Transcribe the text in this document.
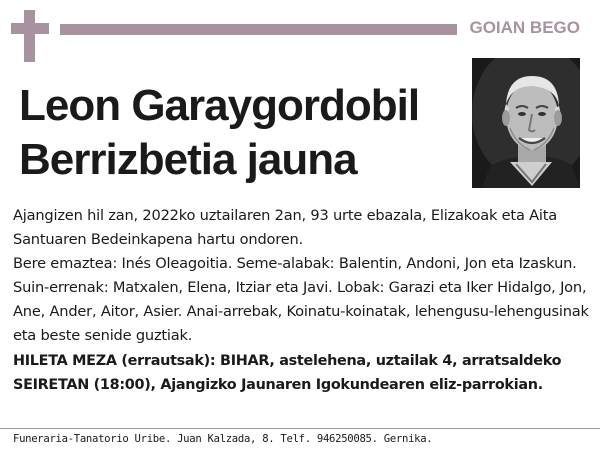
GOIAN BEGO
Leon Garaygordobil
Berrizbetia jauna

Ajangizen hil zan, 2022ko uztailaren 2an, 93 urte ebazala, Elizakoak eta Aita Santuaren Bedeinkapena hartu ondoren.

Bere emaztea: Inés Oleagoitia. Seme-alabak: Balentin, Andoni, Jon eta Izaskun. Suin-errenak: Matxalen, Elena, Itziar eta Javi. Lobak: Garazi eta Iker Hidalgo, Jon, Ane, Ander, Aitor, Asier. Anai-arrebak, Koinatu-koinatak, lehengusu-lehengusinak eta beste senide guztiak.

HILETA MEZA (errautsak): BIHAR, astelehena, uztailak 4, arratsaldeko SEIRETAN (18:00), Ajangizko Jaunaren Igokundearen eliz-parrokian.

Funeraria-Tanatorio Uribe. Juan Kalzada, 8. Telf. 946250085. Gernika.
